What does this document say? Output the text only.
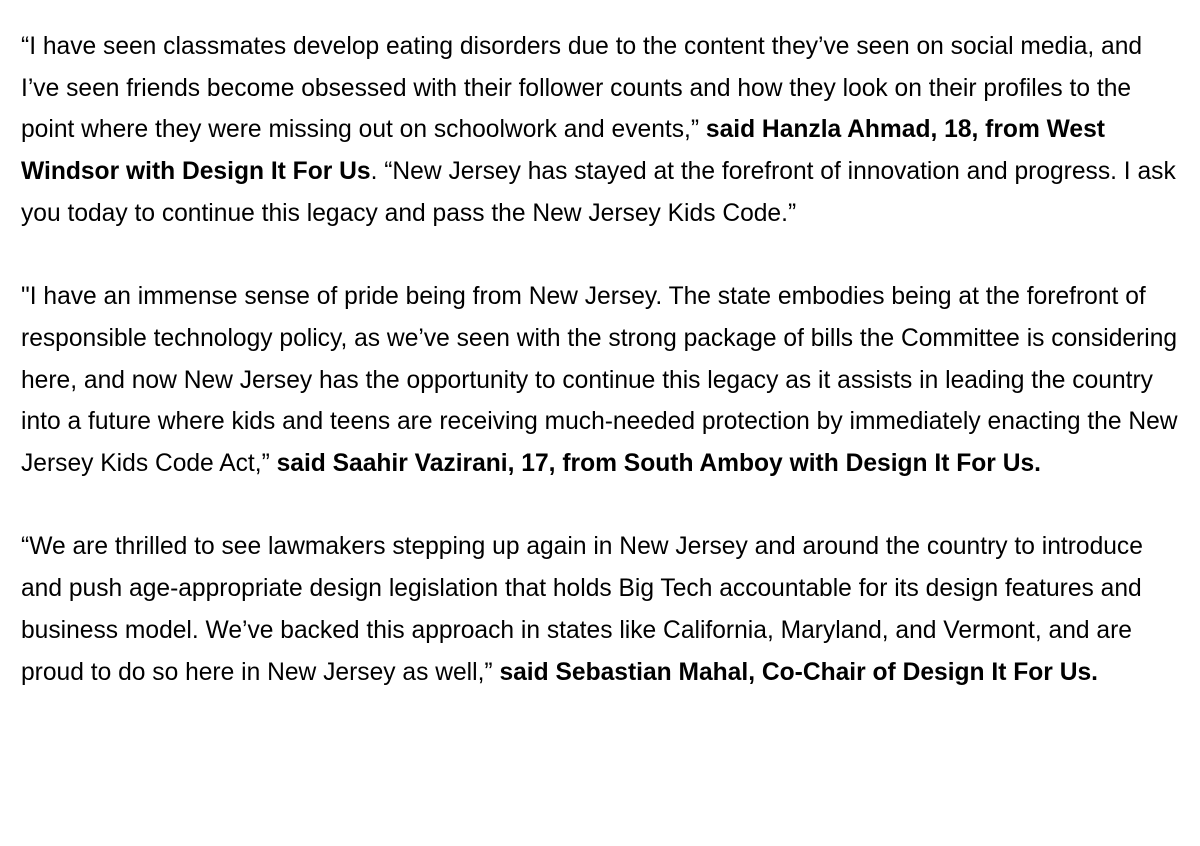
“I have seen classmates develop eating disorders due to the content they’ve seen on social media, and I’ve seen friends become obsessed with their follower counts and how they look on their profiles to the point where they were missing out on schoolwork and events,” said Hanzla Ahmad, 18, from West Windsor with Design It For Us. “New Jersey has stayed at the forefront of innovation and progress. I ask you today to continue this legacy and pass the New Jersey Kids Code.”

"I have an immense sense of pride being from New Jersey. The state embodies being at the forefront of responsible technology policy, as we’ve seen with the strong package of bills the Committee is considering here, and now New Jersey has the opportunity to continue this legacy as it assists in leading the country into a future where kids and teens are receiving much-needed protection by immediately enacting the New Jersey Kids Code Act,” said Saahir Vazirani, 17, from South Amboy with Design It For Us.

“We are thrilled to see lawmakers stepping up again in New Jersey and around the country to introduce and push age-appropriate design legislation that holds Big Tech accountable for its design features and business model. We’ve backed this approach in states like California, Maryland, and Vermont, and are proud to do so here in New Jersey as well,” said Sebastian Mahal, Co-Chair of Design It For Us.
